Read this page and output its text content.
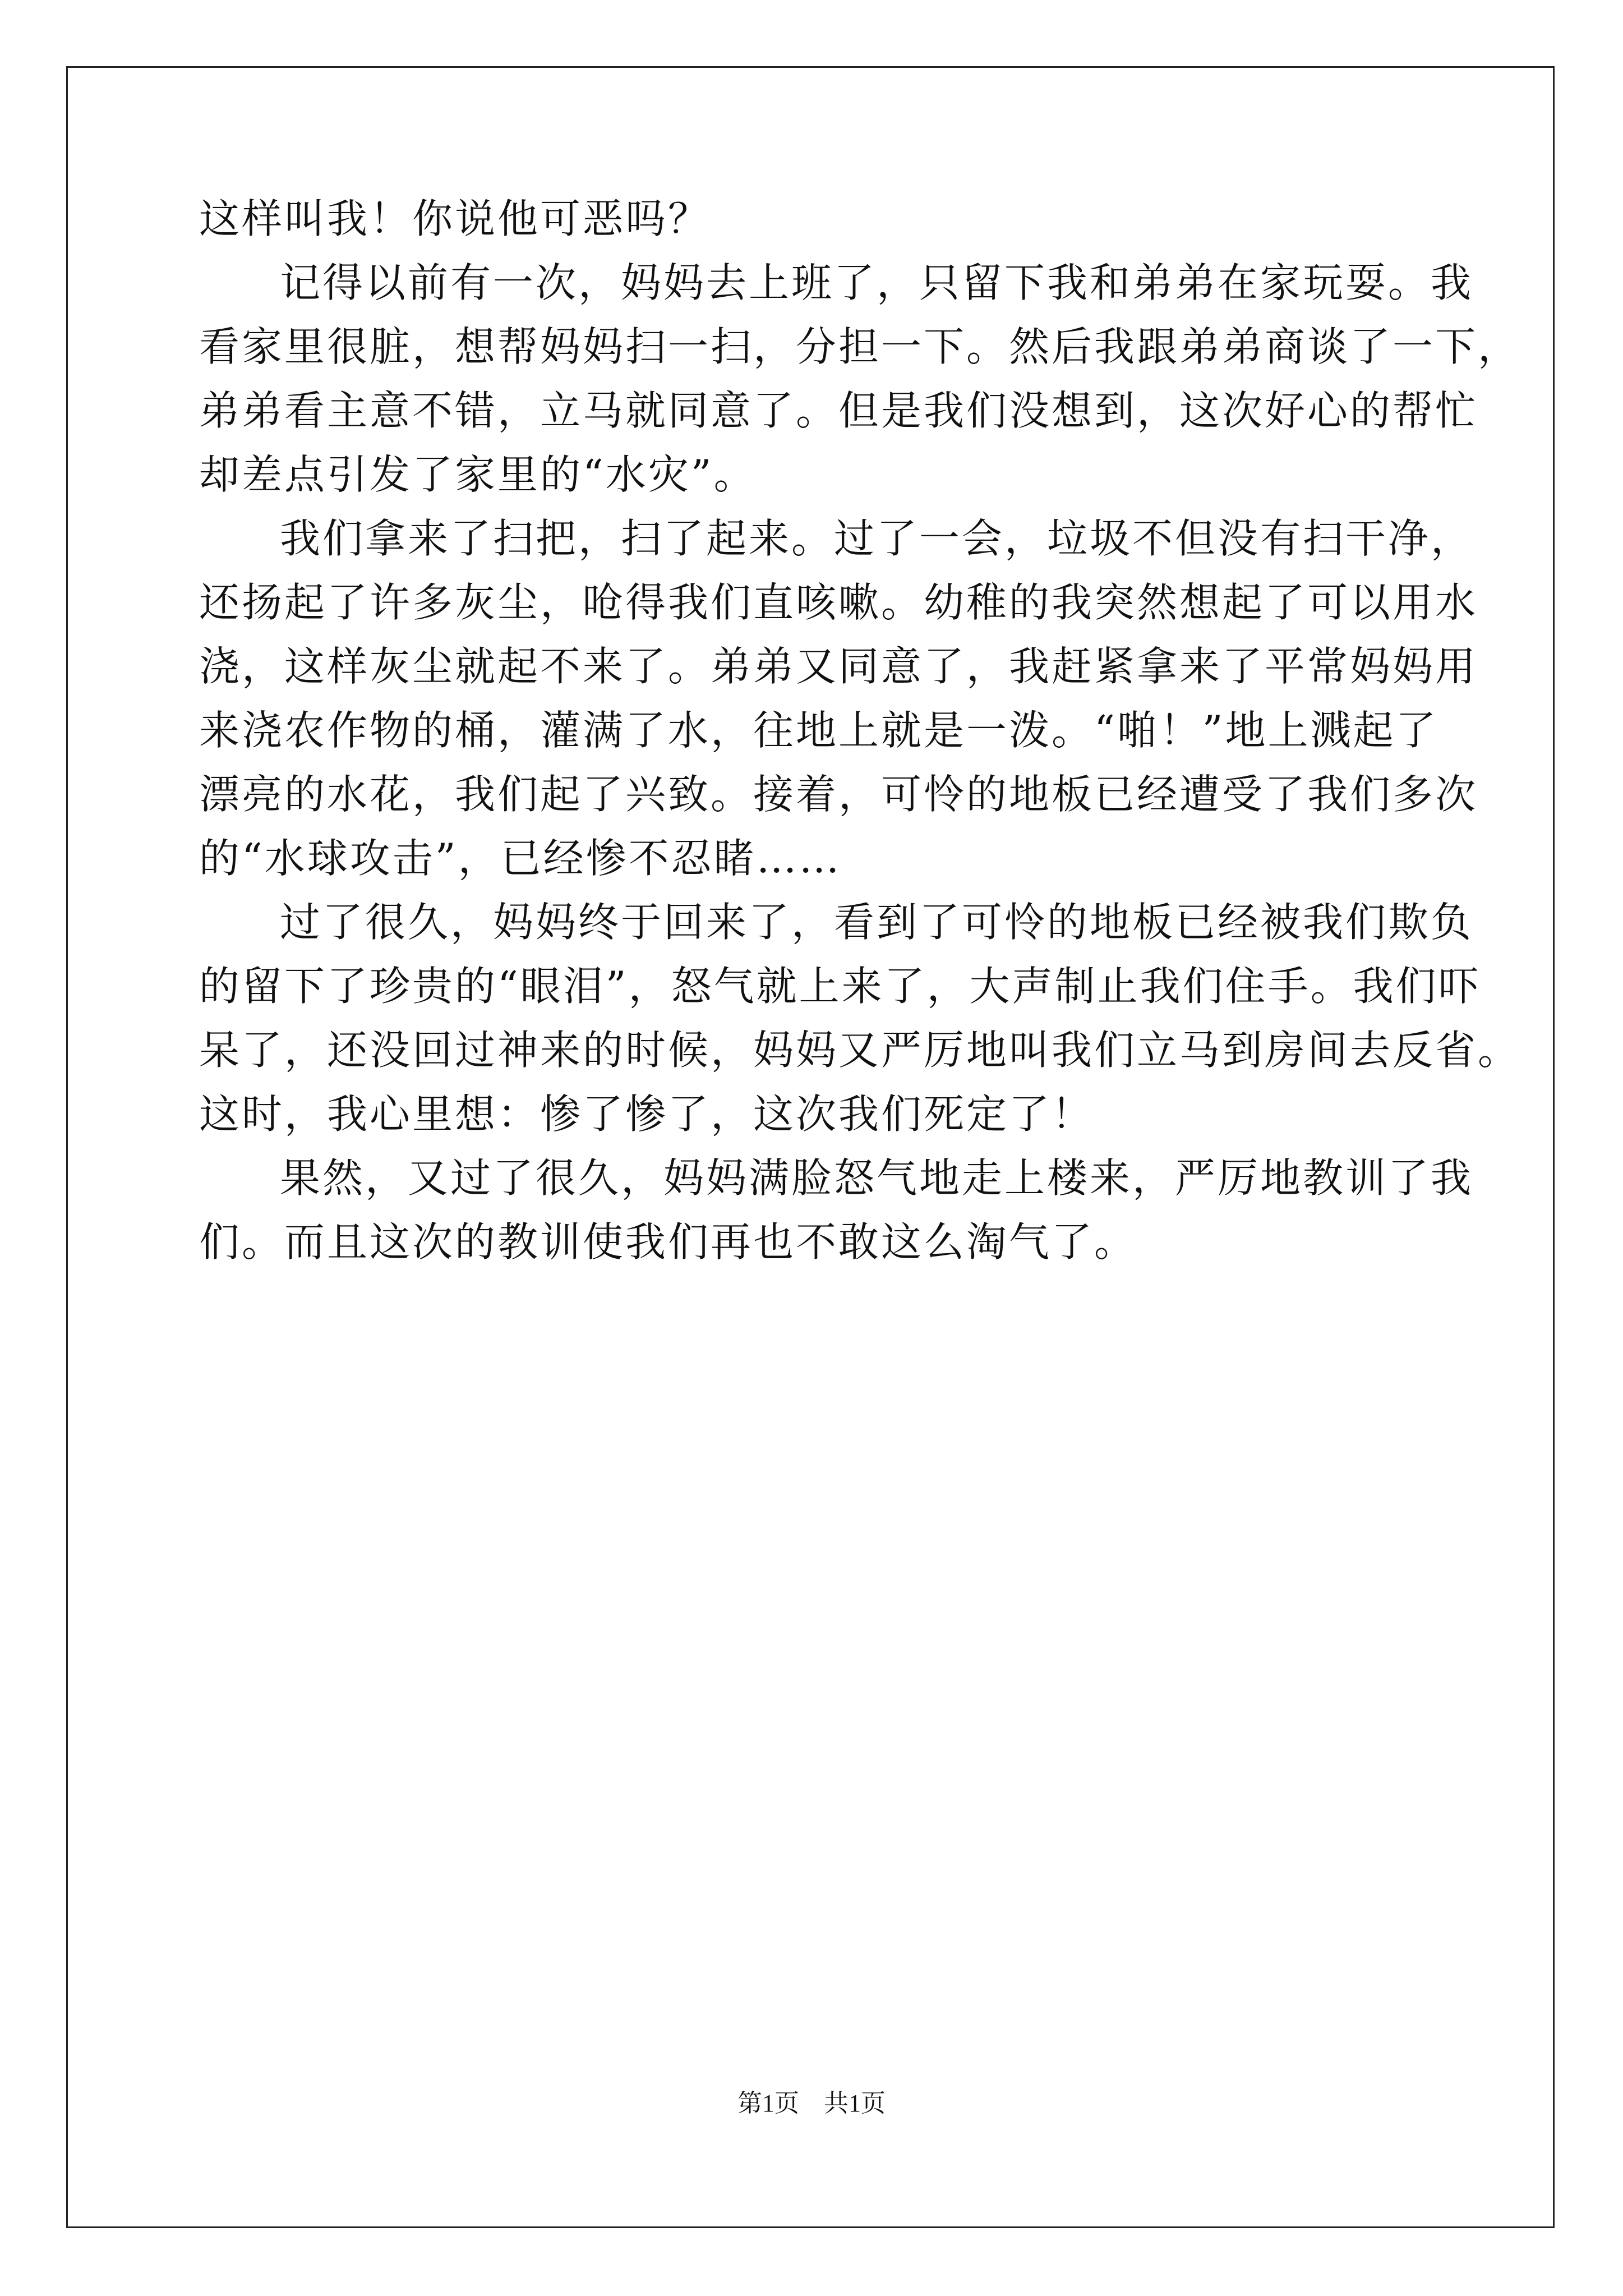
这样叫我！你说他可恶吗？
记得以前有一次，妈妈去上班了，只留下我和弟弟在家玩耍。我
看家里很脏，想帮妈妈扫一扫，分担一下。然后我跟弟弟商谈了一下，
弟弟看主意不错，立马就同意了。但是我们没想到，这次好心的帮忙
却差点引发了家里的“水灾”。
我们拿来了扫把，扫了起来。过了一会，垃圾不但没有扫干净，
还扬起了许多灰尘，呛得我们直咳嗽。幼稚的我突然想起了可以用水
浇，这样灰尘就起不来了。弟弟又同意了，我赶紧拿来了平常妈妈用
来浇农作物的桶，灌满了水，往地上就是一泼。“啪！”地上溅起了
漂亮的水花，我们起了兴致。接着，可怜的地板已经遭受了我们多次
的“水球攻击”，已经惨不忍睹……
过了很久，妈妈终于回来了，看到了可怜的地板已经被我们欺负
的留下了珍贵的“眼泪”，怒气就上来了，大声制止我们住手。我们吓
呆了，还没回过神来的时候，妈妈又严厉地叫我们立马到房间去反省。
这时，我心里想：惨了惨了，这次我们死定了！
果然，又过了很久，妈妈满脸怒气地走上楼来，严厉地教训了我
们。而且这次的教训使我们再也不敢这么淘气了。
第1页　共1页
